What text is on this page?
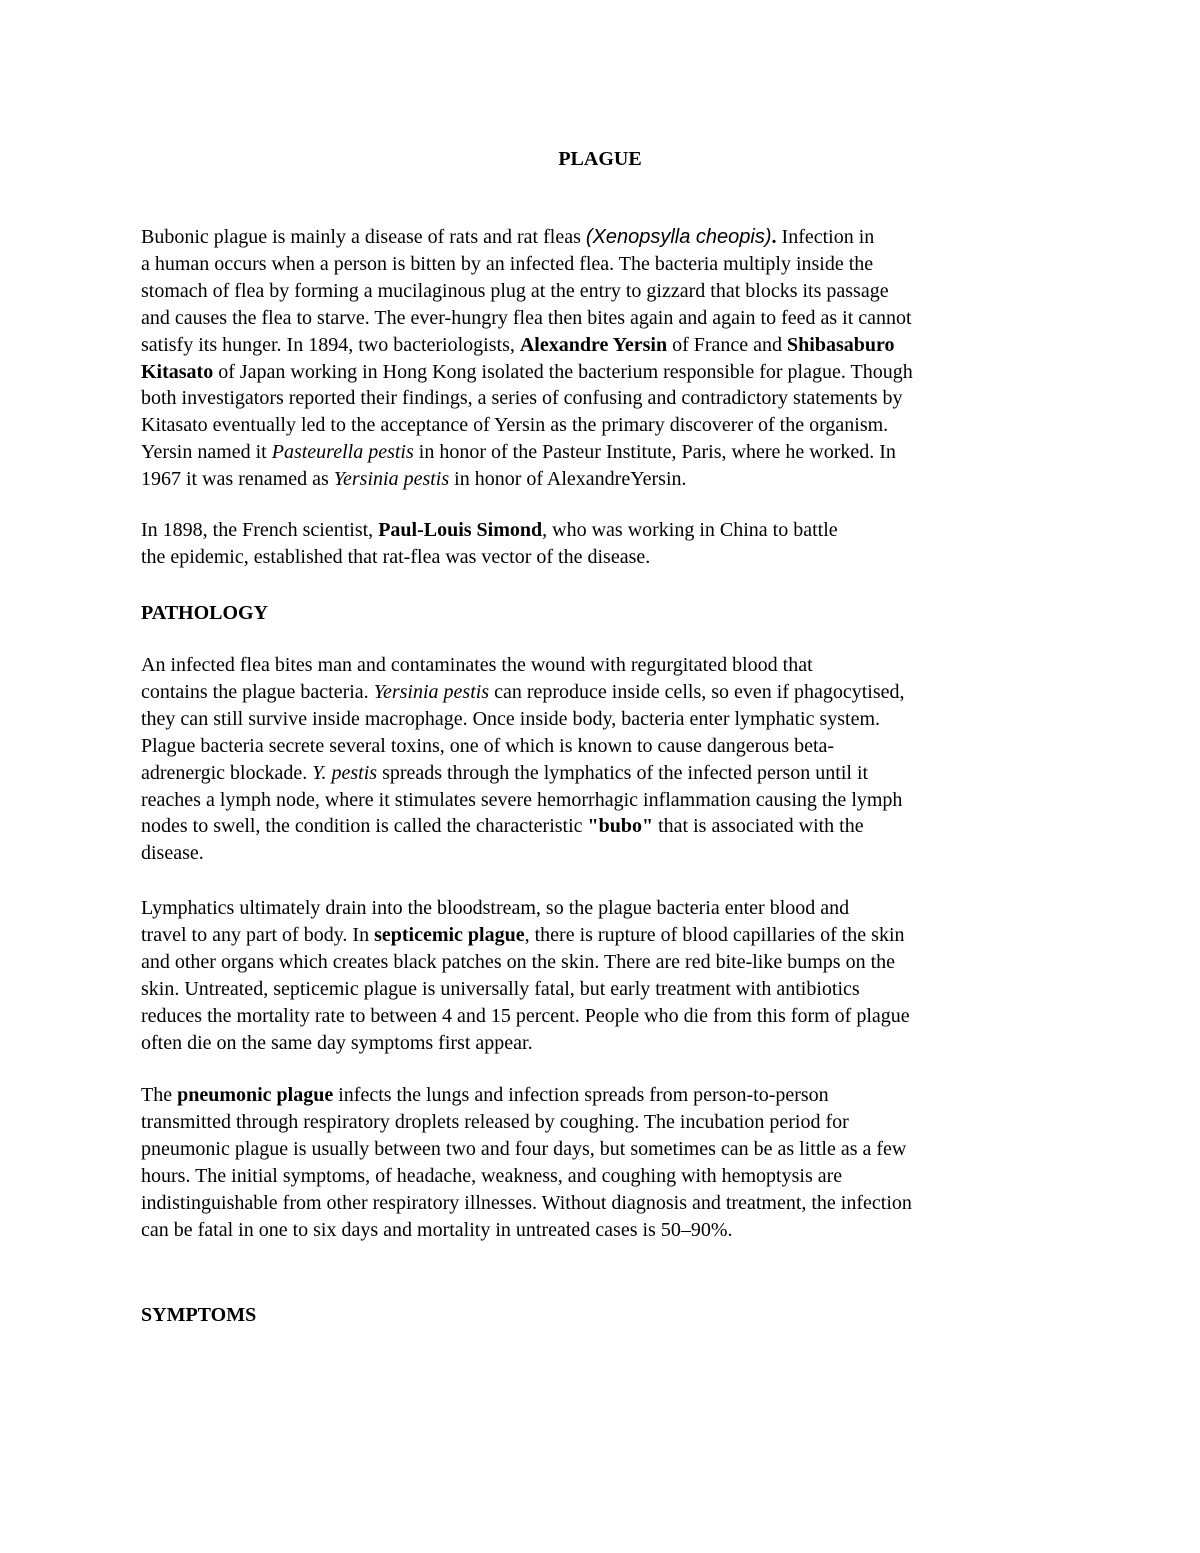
PLAGUE

Bubonic plague is mainly a disease of rats and rat fleas (Xenopsylla cheopis). Infection in
a human occurs when a person is bitten by an infected flea. The bacteria multiply inside the
stomach of flea by forming a mucilaginous plug at the entry to gizzard that blocks its passage
and causes the flea to starve. The ever-hungry flea then bites again and again to feed as it cannot
satisfy its hunger. In 1894, two bacteriologists, Alexandre Yersin of France and Shibasaburo
Kitasato of Japan working in Hong Kong isolated the bacterium responsible for plague. Though
both investigators reported their findings, a series of confusing and contradictory statements by
Kitasato eventually led to the acceptance of Yersin as the primary discoverer of the organism.
Yersin named it Pasteurella pestis in honor of the Pasteur Institute, Paris, where he worked. In
1967 it was renamed as Yersinia pestis in honor of AlexandreYersin.

In 1898, the French scientist, Paul-Louis Simond, who was working in China to battle
the epidemic, established that rat-flea was vector of the disease.

PATHOLOGY

An infected flea bites man and contaminates the wound with regurgitated blood that
contains the plague bacteria. Yersinia pestis can reproduce inside cells, so even if phagocytised,
they can still survive inside macrophage. Once inside body, bacteria enter lymphatic system.
Plague bacteria secrete several toxins, one of which is known to cause dangerous beta-
adrenergic blockade. Y. pestis spreads through the lymphatics of the infected person until it
reaches a lymph node, where it stimulates severe hemorrhagic inflammation causing the lymph
nodes to swell, the condition is called the characteristic "bubo" that is associated with the
disease.

Lymphatics ultimately drain into the bloodstream, so the plague bacteria enter blood and
travel to any part of body. In septicemic plague, there is rupture of blood capillaries of the skin
and other organs which creates black patches on the skin. There are red bite-like bumps on the
skin. Untreated, septicemic plague is universally fatal, but early treatment with antibiotics
reduces the mortality rate to between 4 and 15 percent. People who die from this form of plague
often die on the same day symptoms first appear.

The pneumonic plague infects the lungs and infection spreads from person-to-person
transmitted through respiratory droplets released by coughing. The incubation period for
pneumonic plague is usually between two and four days, but sometimes can be as little as a few
hours. The initial symptoms, of headache, weakness, and coughing with hemoptysis are
indistinguishable from other respiratory illnesses. Without diagnosis and treatment, the infection
can be fatal in one to six days and mortality in untreated cases is 50–90%.

SYMPTOMS
